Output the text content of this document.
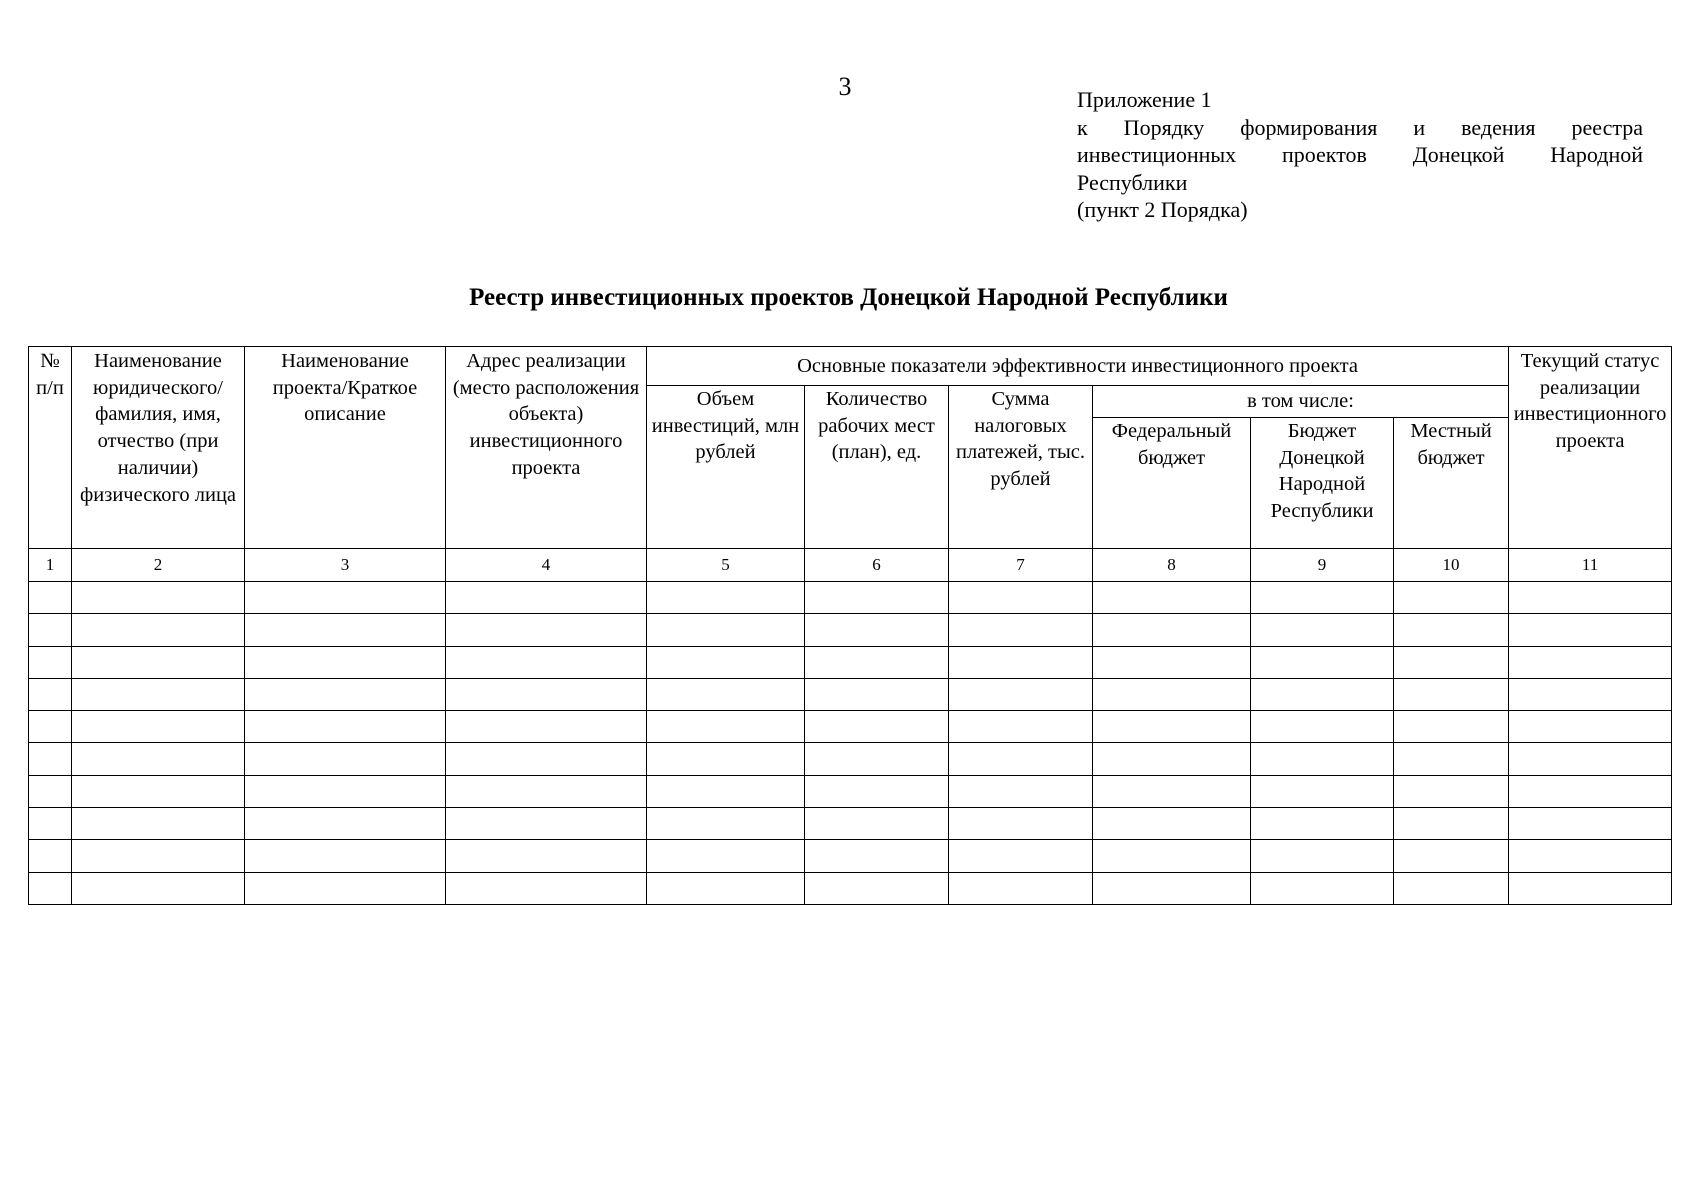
3	Приложение 1
к Порядку формирования и ведения реестра
инвестиционных проектов Донецкой Народной
Республики
(пункт 2 Порядка)
Реестр инвестиционных проектов Донецкой Народной Республики
№ п/п	Наименование юридического/ фамилия, имя, отчество (при наличии) физического лица	Наименование проекта/Краткое описание	Адрес реализации (место расположения объекта) инвестиционного проекта	Основные показатели эффективности инвестиционного проекта						Текущий статус реализации инвестиционного проекта

				Объем инвестиций, млн рублей	Количество рабочих мест (план), ед.	Сумма налоговых платежей, тыс. рублей	в том числе:			

							Федеральный бюджет	Бюджет Донецкой Народной Республики	Местный бюджет	

1	2	3	4	5	6	7	8	9	10	11
